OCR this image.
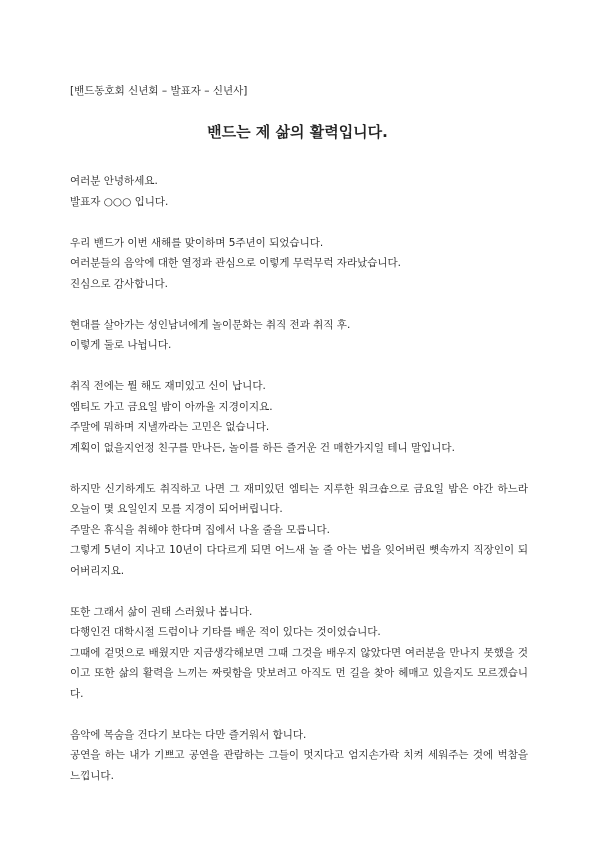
[밴드동호회 신년회 – 발표자 – 신년사]
밴드는 제 삶의 활력입니다.
여러분 안녕하세요.
발표자 ○○○ 입니다.
우리 밴드가 이번 새해를 맞이하며 5주년이 되었습니다.
여러분들의 음악에 대한 열정과 관심으로 이렇게 무럭무럭 자라났습니다.
진심으로 감사합니다.
현대를 살아가는 성인남녀에게 놀이문화는 취직 전과 취직 후.
이렇게 둘로 나뉩니다.
취직 전에는 뭘 해도 재미있고 신이 납니다.
엠티도 가고 금요일 밤이 아까울 지경이지요.
주말에 뭐하며 지낼까라는 고민은 없습니다.
계획이 없을지언정 친구를 만나든, 놀이를 하든 즐거운 건 매한가지일 테니 말입니다.
하지만 신기하게도 취직하고 나면 그 재미있던 엠티는 지루한 워크숍으로 금요일 밤은 야간 하느라 오늘이 몇 요일인지 모를 지경이 되어버립니다.
주말은 휴식을 취해야 한다며 집에서 나올 줄을 모릅니다.
그렇게 5년이 지나고 10년이 다다르게 되면 어느새 놀 줄 아는 법을 잊어버린 뼛속까지 직장인이 되어버리지요.
또한 그래서 삶이 권태 스러웠나 봅니다.
다행인건 대학시절 드럼이나 기타를 배운 적이 있다는 것이었습니다.
그때에 겉멋으로 배웠지만 지금생각해보면 그때 그것을 배우지 않았다면 여러분을 만나지 못했을 것이고 또한 삶의 활력을 느끼는 짜릿함을 맛보려고 아직도 먼 길을 찾아 헤매고 있을지도 모르겠습니다.
음악에 목숨을 건다기 보다는 다만 즐거워서 합니다.
공연을 하는 내가 기쁘고 공연을 관람하는 그들이 멋지다고 엄지손가락 치켜 세워주는 것에 벅참을 느낍니다.
